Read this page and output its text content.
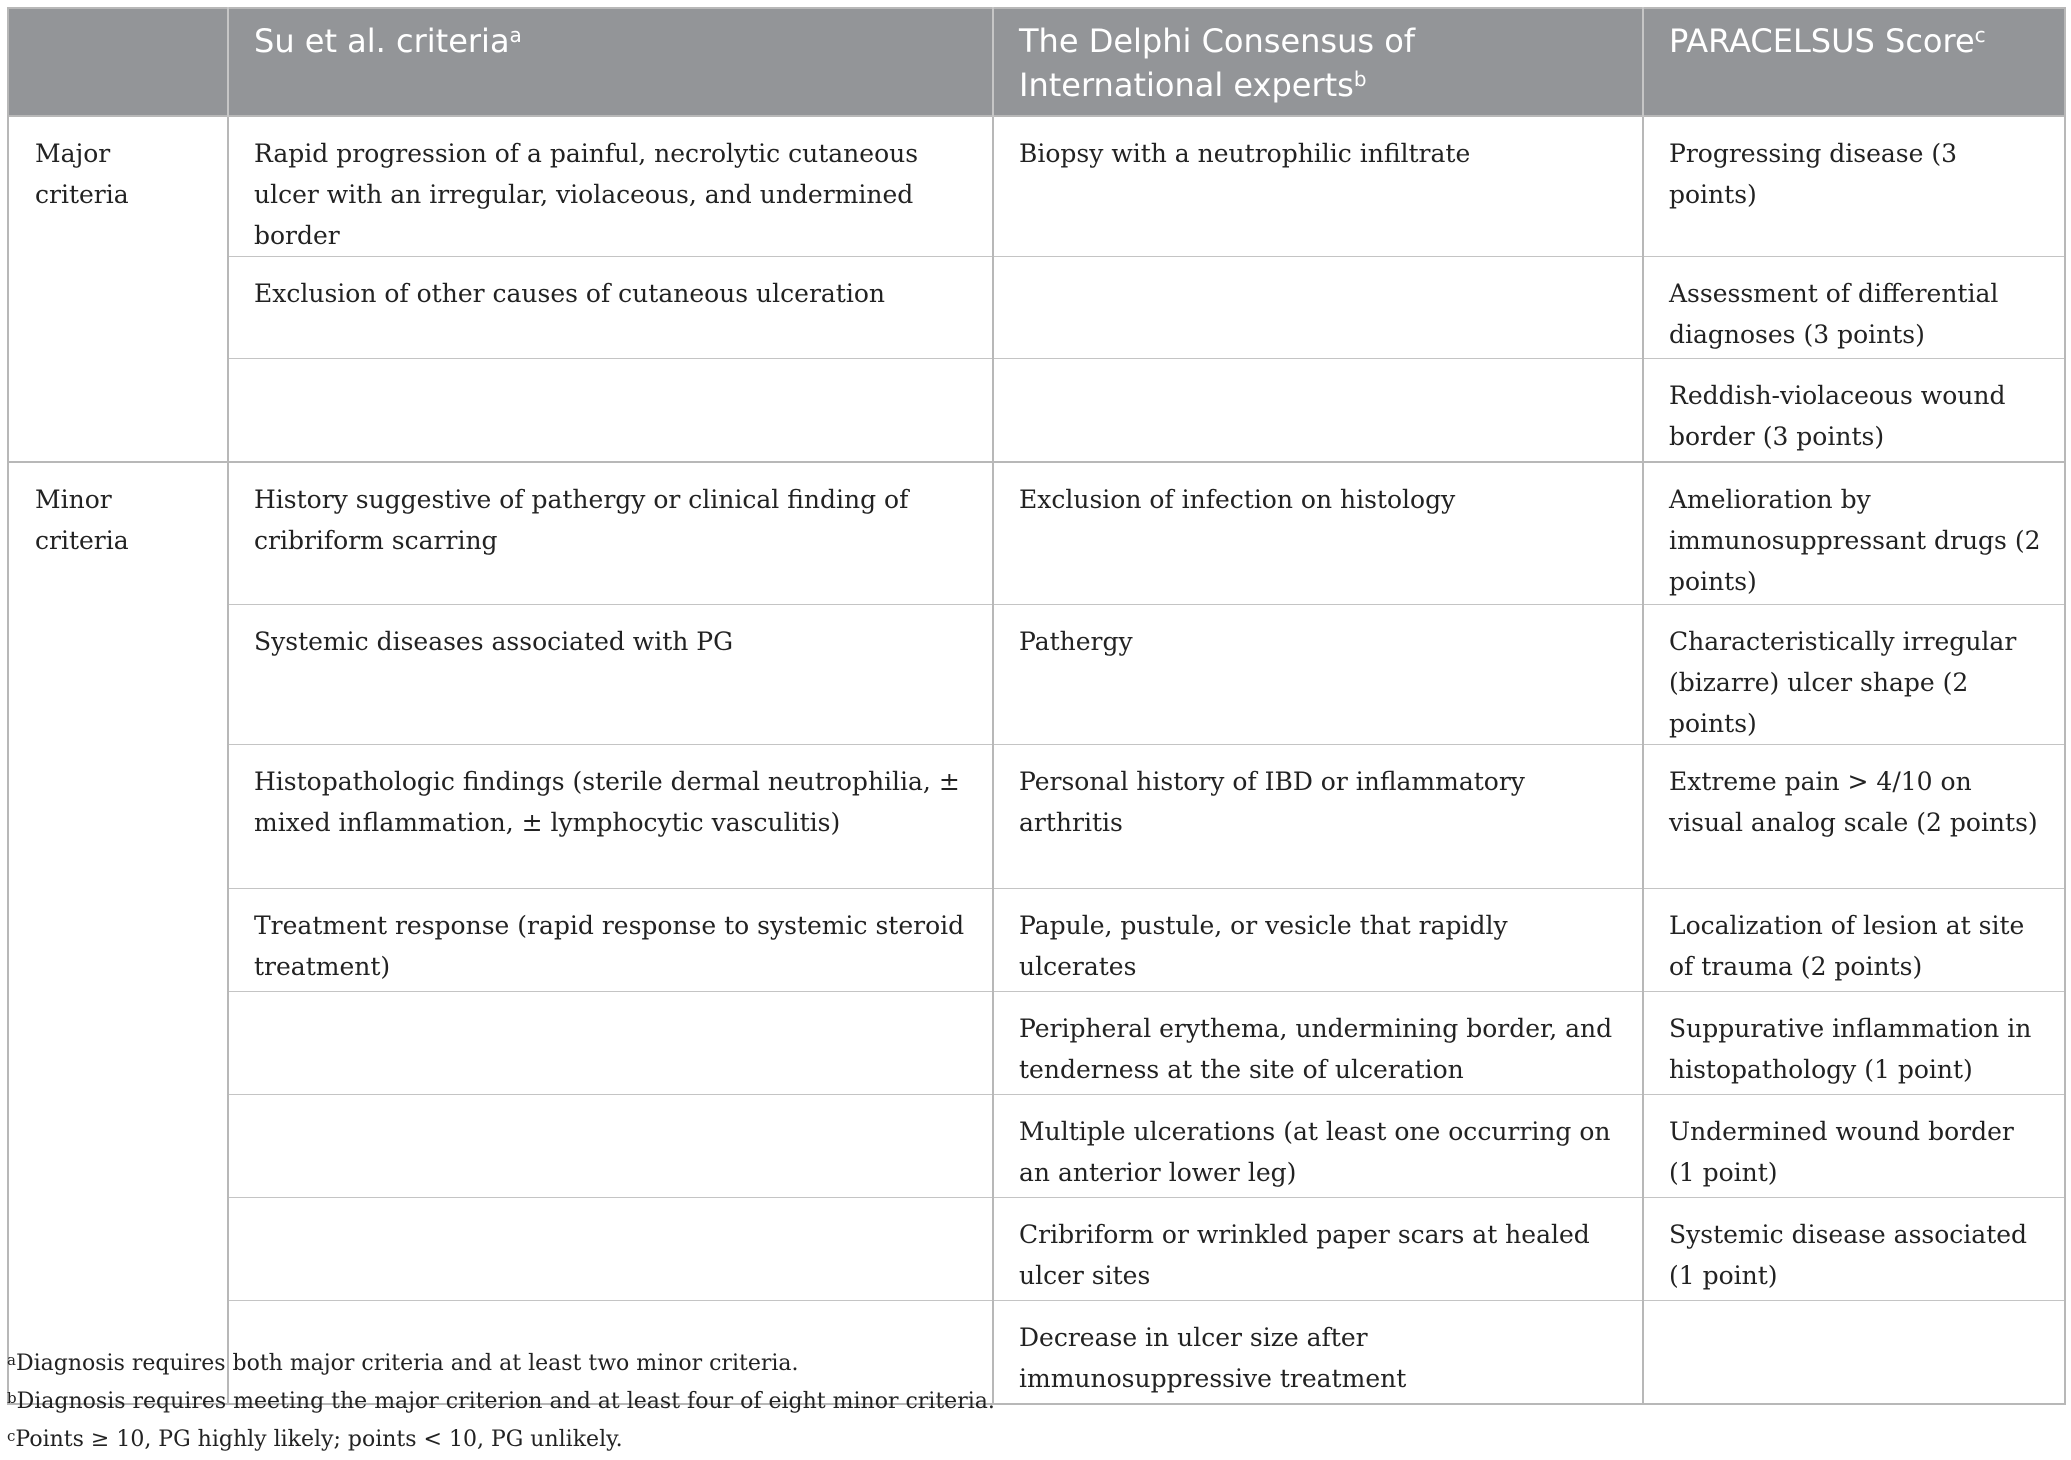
	Su et al. criteria$^a$	The Delphi Consensus of International experts$^b$	PARACELSUS Score$^c$
Major criteria	Rapid progression of a painful, necrolytic cutaneous ulcer with an irregular, violaceous, and undermined border	Biopsy with a neutrophilic infiltrate	Progressing disease (3 points)
	Exclusion of other causes of cutaneous ulceration		Assessment of differential diagnoses (3 points)
			Reddish-violaceous wound border (3 points)
Minor criteria	History suggestive of pathergy or clinical finding of cribriform scarring	Exclusion of infection on histology	Amelioration by immunosuppressant drugs (2 points)
	Systemic diseases associated with PG	Pathergy	Characteristically irregular (bizarre) ulcer shape (2 points)
	Histopathologic findings (sterile dermal neutrophilia, ± mixed inflammation, ± lymphocytic vasculitis)	Personal history of IBD or inflammatory arthritis	Extreme pain > 4/10 on visual analog scale (2 points)
	Treatment response (rapid response to systemic steroid treatment)	Papule, pustule, or vesicle that rapidly ulcerates	Localization of lesion at site of trauma (2 points)
		Peripheral erythema, undermining border, and tenderness at the site of ulceration	Suppurative inflammation in histopathology (1 point)
		Multiple ulcerations (at least one occurring on an anterior lower leg)	Undermined wound border (1 point)
		Cribriform or wrinkled paper scars at healed ulcer sites	Systemic disease associated (1 point)
		Decrease in ulcer size after immunosuppressive treatment	
$^a$Diagnosis requires both major criteria and at least two minor criteria.
$^b$Diagnosis requires meeting the major criterion and at least four of eight minor criteria.
$^c$Points ≥ 10, PG highly likely; points < 10, PG unlikely.
